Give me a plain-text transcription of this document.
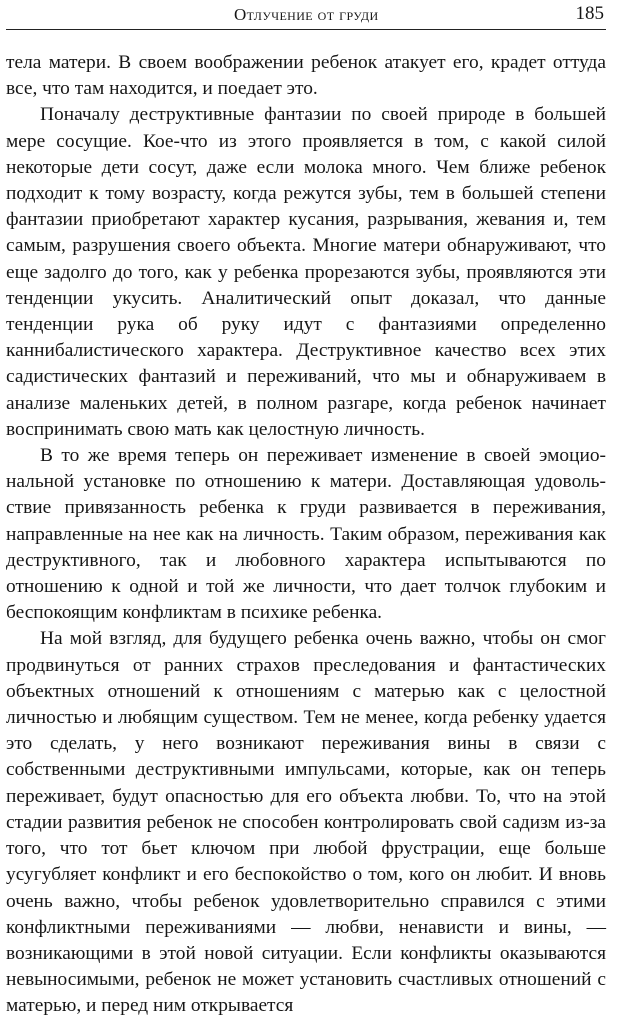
Отлучение от груди	185

тела матери. В своем воображении ребенок атакует его, крадет оттуда все, что там находится, и поедает это.

Поначалу деструктивные фантазии по своей природе в большей мере сосущие. Кое-что из этого проявляется в том, с какой силой некоторые дети сосут, даже если молока много. Чем ближе ребенок подходит к тому возрасту, когда режутся зубы, тем в большей степени фантазии приобретают характер кусания, разрывания, жевания и, тем самым, разрушения своего объекта. Многие матери обнаруживают, что еще задолго до того, как у ребенка прорезаются зубы, проявляются эти тенденции укусить. Аналитический опыт доказал, что данные тенденции рука об руку идут с фантазиями определенно каннибалистического характера. Деструктивное качество всех этих садистических фантазий и переживаний, что мы и обнаруживаем в анализе маленьких детей, в полном разгаре, когда ребенок начинает воспринимать свою мать как целостную личность.

В то же время теперь он переживает изменение в своей эмоциональной установке по отношению к матери. Доставляющая удовольствие привязанность ребенка к груди развивается в переживания, направленные на нее как на личность. Таким образом, переживания как деструктивного, так и любовного характера испытываются по отношению к одной и той же личности, что дает толчок глубоким и беспокоящим конфликтам в психике ребенка.

На мой взгляд, для будущего ребенка очень важно, чтобы он смог продвинуться от ранних страхов преследования и фантастических объектных отношений к отношениям с матерью как с целостной личностью и любящим существом. Тем не менее, когда ребенку удается это сделать, у него возникают переживания вины в связи с собственными деструктивными импульсами, которые, как он теперь переживает, будут опасностью для его объекта любви. То, что на этой стадии развития ребенок не способен контролировать свой садизм из-за того, что тот бьет ключом при любой фрустрации, еще больше усугубляет конфликт и его беспокойство о том, кого он любит. И вновь очень важно, чтобы ребенок удовлетворительно справился с этими конфликтными переживаниями — любви, ненависти и вины, — возникающими в этой новой ситуации. Если конфликты оказываются невыносимыми, ребенок не может установить счастливых отношений с матерью, и перед ним открывается
